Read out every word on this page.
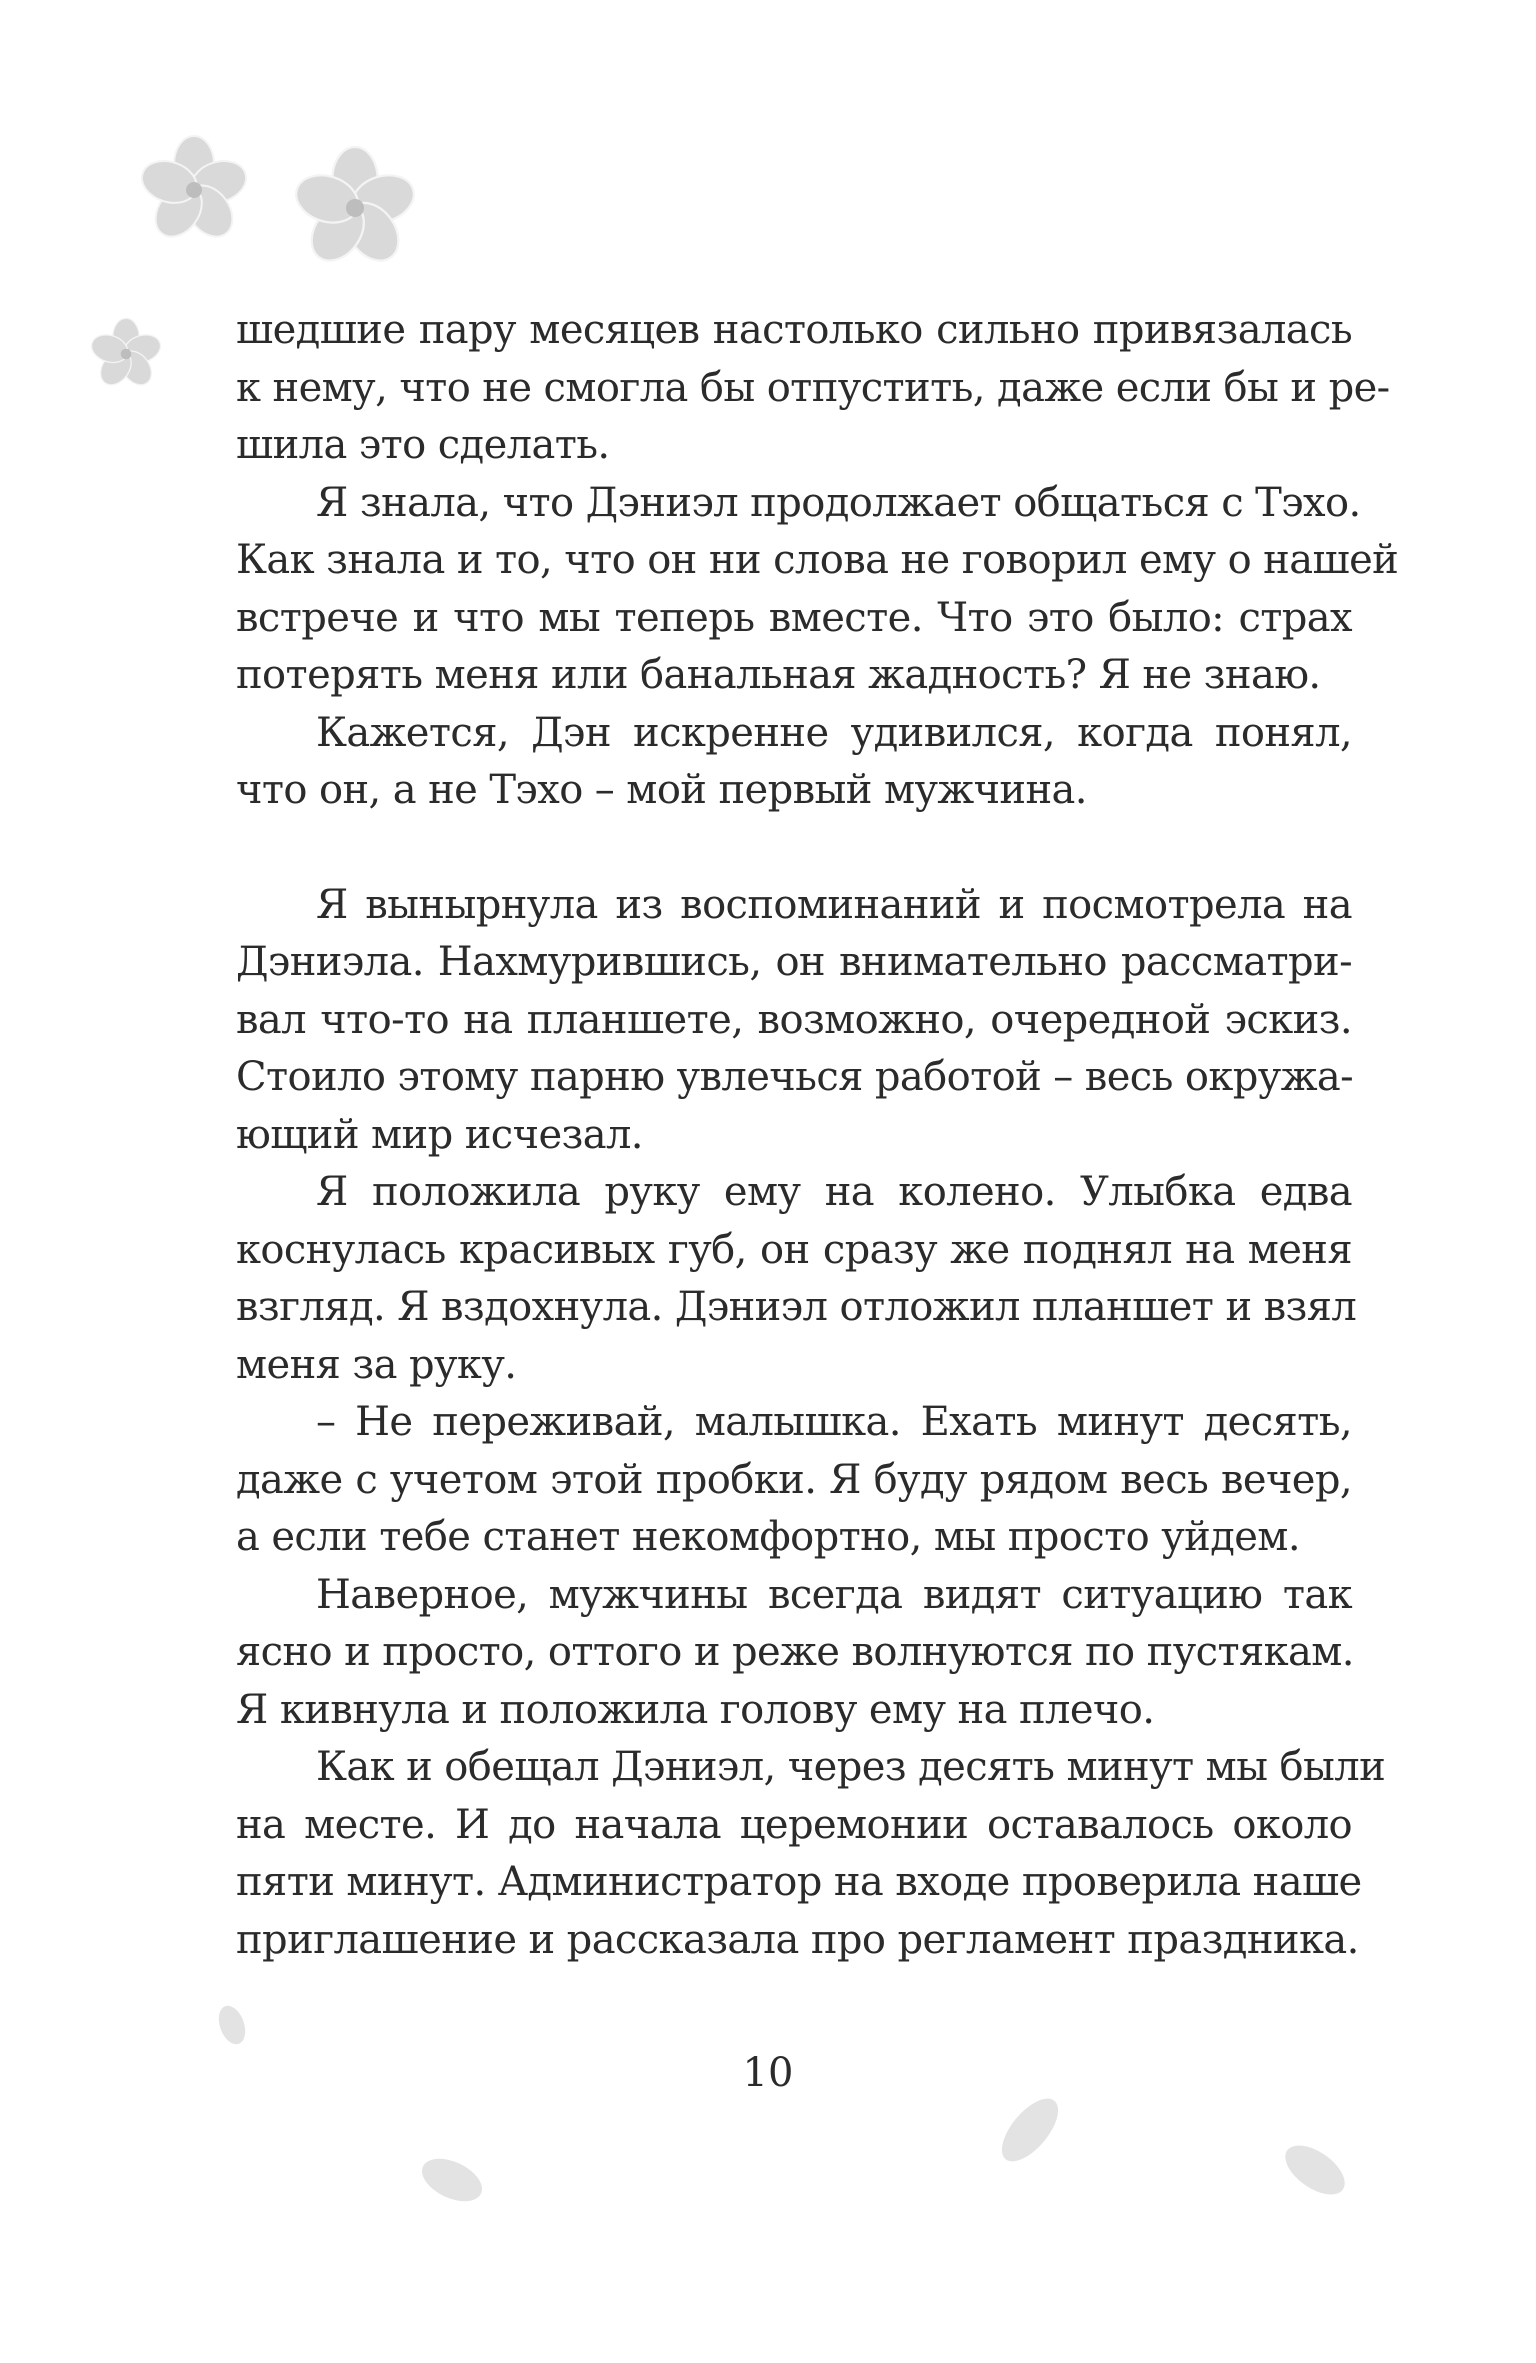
шедшие пару месяцев настолько сильно привязалась
к нему, что не смогла бы отпустить, даже если бы и ре-
шила это сделать.
Я знала, что Дэниэл продолжает общаться с Тэхо.
Как знала и то, что он ни слова не говорил ему о нашей
встрече и что мы теперь вместе. Что это было: страх
потерять меня или банальная жадность? Я не знаю.
Кажется, Дэн искренне удивился, когда понял,
что он, а не Тэхо – мой первый мужчина.
Я вынырнула из воспоминаний и посмотрела на
Дэниэла. Нахмурившись, он внимательно рассматри-
вал что-то на планшете, возможно, очередной эскиз.
Стоило этому парню увлечься работой – весь окружа-
ющий мир исчезал.
Я положила руку ему на колено. Улыбка едва
коснулась красивых губ, он сразу же поднял на меня
взгляд. Я вздохнула. Дэниэл отложил планшет и взял
меня за руку.
– Не переживай, малышка. Ехать минут десять,
даже с учетом этой пробки. Я буду рядом весь вечер,
а если тебе станет некомфортно, мы просто уйдем.
Наверное, мужчины всегда видят ситуацию так
ясно и просто, оттого и реже волнуются по пустякам.
Я кивнула и положила голову ему на плечо.
Как и обещал Дэниэл, через десять минут мы были
на месте. И до начала церемонии оставалось около
пяти минут. Администратор на входе проверила наше
приглашение и рассказала про регламент праздника.
10
